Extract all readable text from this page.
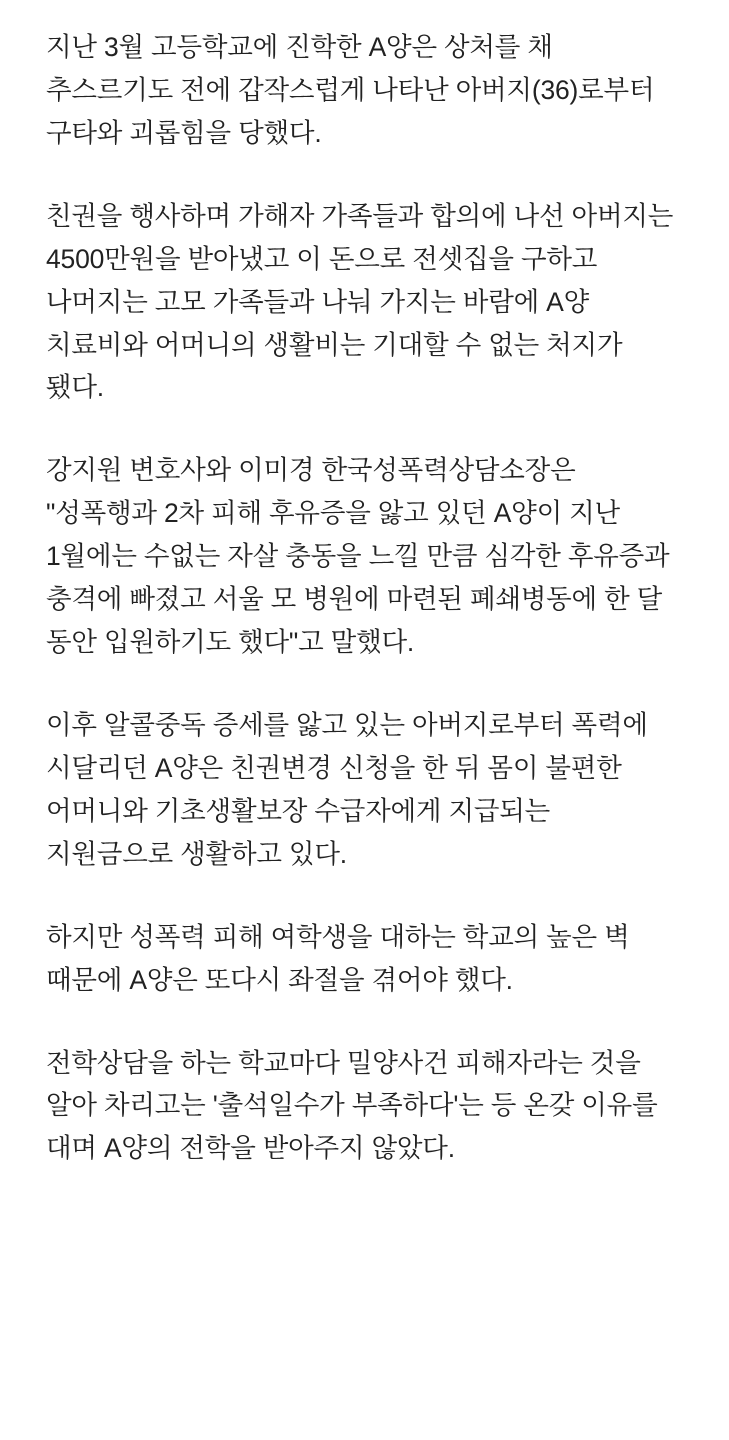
지난 3월 고등학교에 진학한 A양은 상처를 채 추스르기도 전에 갑작스럽게 나타난 아버지(36)로부터 구타와 괴롭힘을 당했다.

친권을 행사하며 가해자 가족들과 합의에 나선 아버지는 4500만원을 받아냈고 이 돈으로 전셋집을 구하고 나머지는 고모 가족들과 나눠 가지는 바람에 A양 치료비와 어머니의 생활비는 기대할 수 없는 처지가 됐다.

강지원 변호사와 이미경 한국성폭력상담소장은 "성폭행과 2차 피해 후유증을 앓고 있던 A양이 지난 1월에는 수없는 자살 충동을 느낄 만큼 심각한 후유증과 충격에 빠졌고 서울 모 병원에 마련된 폐쇄병동에 한 달 동안 입원하기도 했다"고 말했다.

이후 알콜중독 증세를 앓고 있는 아버지로부터 폭력에 시달리던 A양은 친권변경 신청을 한 뒤 몸이 불편한 어머니와 기초생활보장 수급자에게 지급되는 지원금으로 생활하고 있다.

하지만 성폭력 피해 여학생을 대하는 학교의 높은 벽 때문에 A양은 또다시 좌절을 겪어야 했다.

전학상담을 하는 학교마다 밀양사건 피해자라는 것을 알아 차리고는 '출석일수가 부족하다'는 등 온갖 이유를 대며 A양의 전학을 받아주지 않았다.
